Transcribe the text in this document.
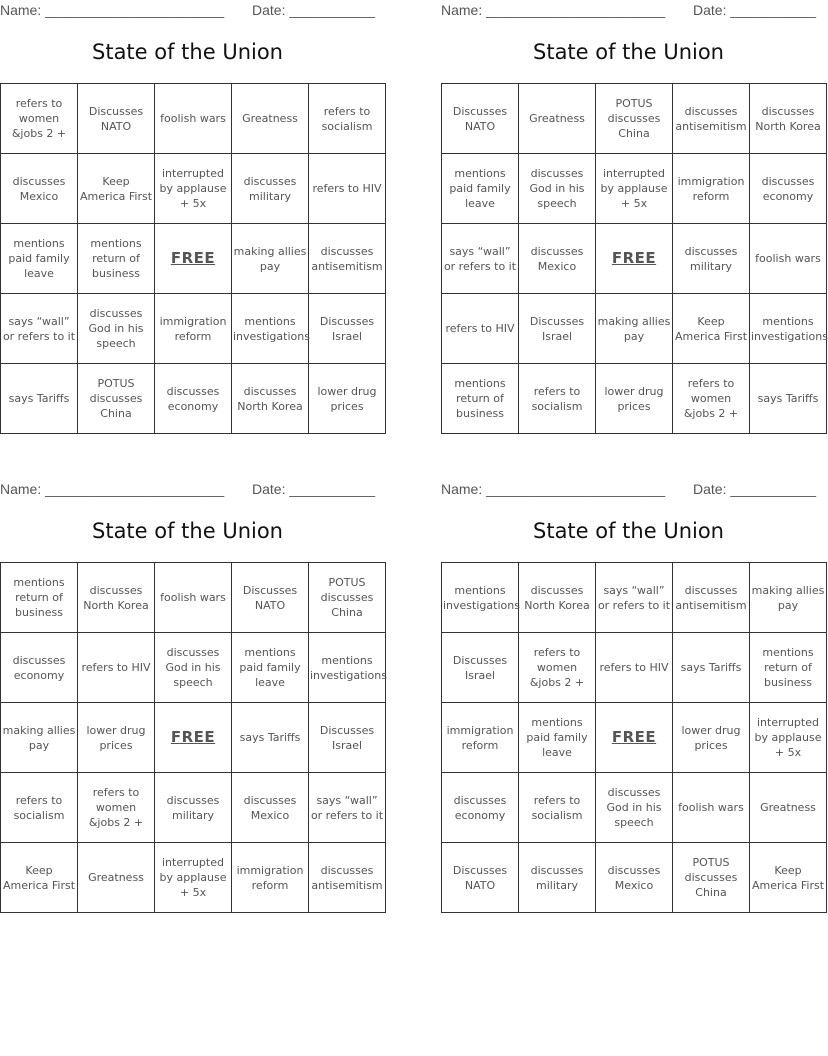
Name: _______________________ Date: ___________
State of the Union
refers to women &jobs 2 +	Discusses NATO	foolish wars	Greatness	refers to socialism
discusses Mexico	Keep America First	interrupted by applause + 5x	discusses military	refers to HIV
mentions paid family leave	mentions return of business	FREE	making allies pay	discusses antisemitism
says “wall” or refers to it	discusses God in his speech	immigration reform	mentions investigations	Discusses Israel
says Tariffs	POTUS discusses China	discusses economy	discusses North Korea	lower drug prices
Name: _______________________ Date: ___________
State of the Union
Discusses NATO	Greatness	POTUS discusses China	discusses antisemitism	discusses North Korea
mentions paid family leave	discusses God in his speech	interrupted by applause + 5x	immigration reform	discusses economy
says “wall” or refers to it	discusses Mexico	FREE	discusses military	foolish wars
refers to HIV	Discusses Israel	making allies pay	Keep America First	mentions investigations
mentions return of business	refers to socialism	lower drug prices	refers to women &jobs 2 +	says Tariffs
Name: _______________________ Date: ___________
State of the Union
mentions return of business	discusses North Korea	foolish wars	Discusses NATO	POTUS discusses China
discusses economy	refers to HIV	discusses God in his speech	mentions paid family leave	mentions investigations
making allies pay	lower drug prices	FREE	says Tariffs	Discusses Israel
refers to socialism	refers to women &jobs 2 +	discusses military	discusses Mexico	says “wall” or refers to it
Keep America First	Greatness	interrupted by applause + 5x	immigration reform	discusses antisemitism
Name: _______________________ Date: ___________
State of the Union
mentions investigations	discusses North Korea	says “wall” or refers to it	discusses antisemitism	making allies pay
Discusses Israel	refers to women &jobs 2 +	refers to HIV	says Tariffs	mentions return of business
immigration reform	mentions paid family leave	FREE	lower drug prices	interrupted by applause + 5x
discusses economy	refers to socialism	discusses God in his speech	foolish wars	Greatness
Discusses NATO	discusses military	discusses Mexico	POTUS discusses China	Keep America First
